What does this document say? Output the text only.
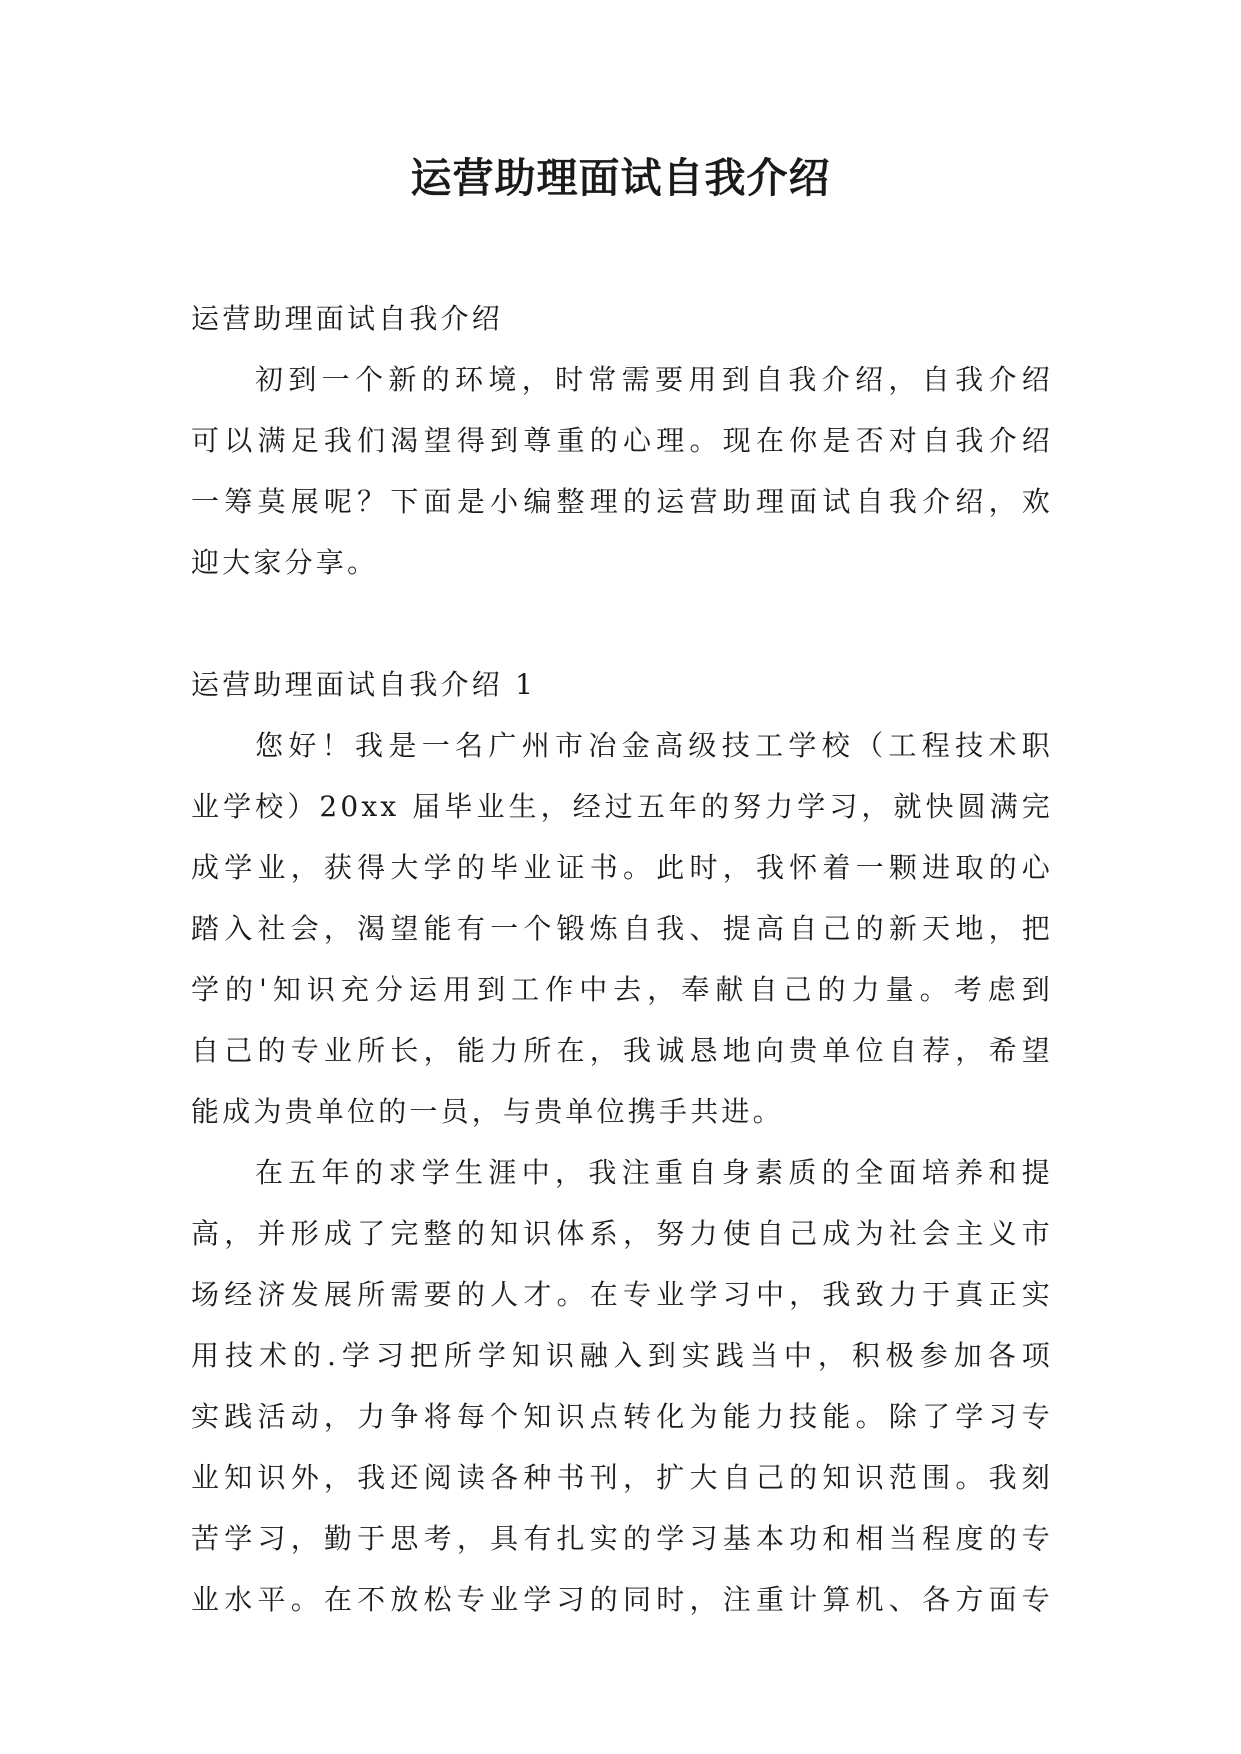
运营助理面试自我介绍
运营助理面试自我介绍
初到一个新的环境，时常需要用到自我介绍，自我介绍
可以满足我们渴望得到尊重的心理。现在你是否对自我介绍
一筹莫展呢？下面是小编整理的运营助理面试自我介绍，欢
迎大家分享。
运营助理面试自我介绍 1
您好！我是一名广州市冶金高级技工学校（工程技术职
业学校）20xx 届毕业生，经过五年的努力学习，就快圆满完
成学业，获得大学的毕业证书。此时，我怀着一颗进取的心
踏入社会，渴望能有一个锻炼自我、提高自己的新天地，把
学的'知识充分运用到工作中去，奉献自己的力量。考虑到
自己的专业所长，能力所在，我诚恳地向贵单位自荐，希望
能成为贵单位的一员，与贵单位携手共进。
在五年的求学生涯中，我注重自身素质的全面培养和提
高，并形成了完整的知识体系，努力使自己成为社会主义市
场经济发展所需要的人才。在专业学习中，我致力于真正实
用技术的.学习把所学知识融入到实践当中，积极参加各项
实践活动，力争将每个知识点转化为能力技能。除了学习专
业知识外，我还阅读各种书刊，扩大自己的知识范围。我刻
苦学习，勤于思考，具有扎实的学习基本功和相当程度的专
业水平。在不放松专业学习的同时，注重计算机、各方面专
